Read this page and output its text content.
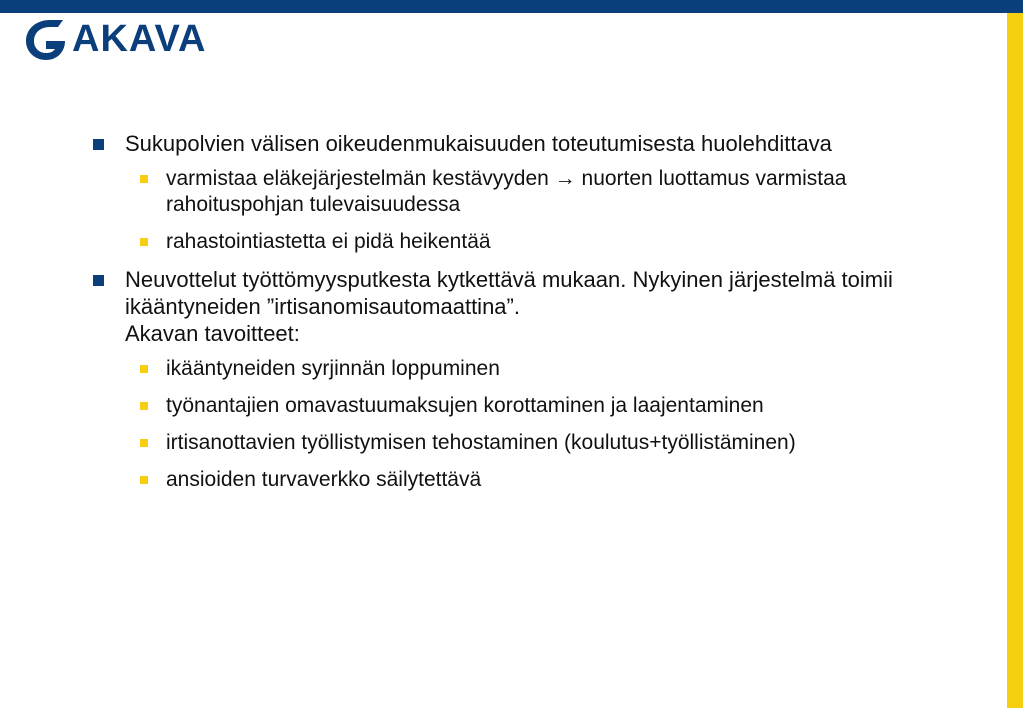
AKAVA
Sukupolvien välisen oikeudenmukaisuuden toteutumisesta huolehdittava
varmistaa eläkejärjestelmän kestävyyden → nuorten luottamus varmistaa rahoituspohjan tulevaisuudessa
rahastointiastetta ei pidä heikentää
Neuvottelut työttömyysputkesta kytkettävä mukaan. Nykyinen järjestelmä toimii ikääntyneiden ”irtisanomisautomaattina”.
Akavan tavoitteet:
ikääntyneiden syrjinnän loppuminen
työnantajien omavastuumaksujen korottaminen ja laajentaminen
irtisanottavien työllistymisen tehostaminen (koulutus+työllistäminen)
ansioiden turvaverkko säilytettävä
